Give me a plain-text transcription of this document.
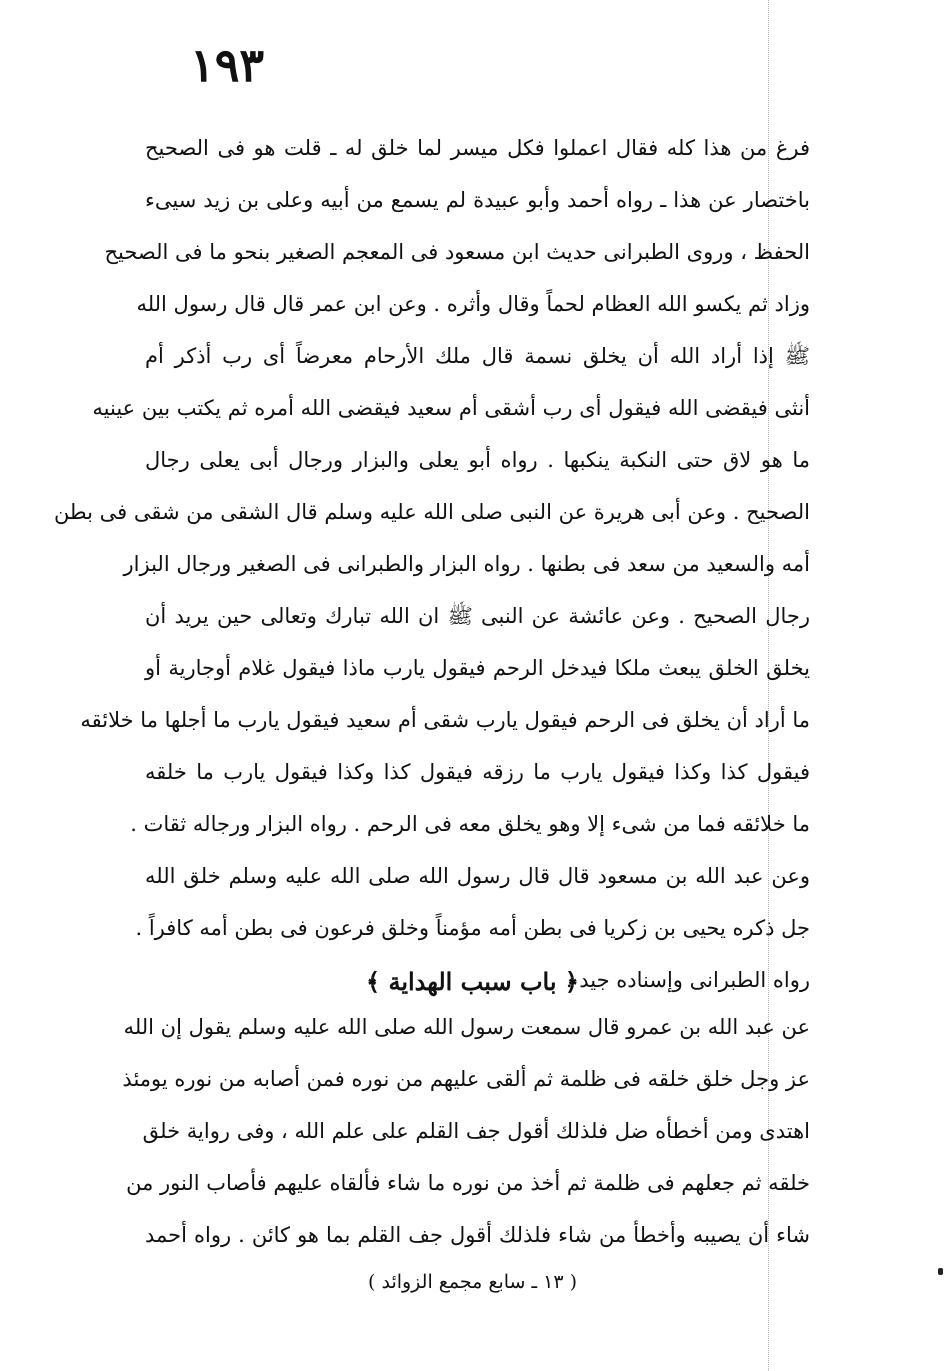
١٩٣
فرغ من هذا كله فقال اعملوا فكل ميسر لما خلق له ـ قلت هو فى الصحيح
باختصار عن هذا ـ رواه أحمد وأبو عبيدة لم يسمع من أبيه وعلى بن زيد سيىء
الحفظ ، وروى الطبرانى حديث ابن مسعود فى المعجم الصغير بنحو ما فى الصحيح
وزاد ثم يكسو الله العظام لحماً وقال وأثره . وعن ابن عمر قال قال رسول الله
ﷺ إذا أراد الله أن يخلق نسمة قال ملك الأرحام معرضاً أى رب أذكر أم
أنثى فيقضى الله فيقول أى رب أشقى أم سعيد فيقضى الله أمره ثم يكتب بين عينيه
ما هو لاق حتى النكبة ينكبها . رواه أبو يعلى والبزار ورجال أبى يعلى رجال
الصحيح . وعن أبى هريرة عن النبى صلى الله عليه وسلم قال الشقى من شقى فى بطن
أمه والسعيد من سعد فى بطنها . رواه البزار والطبرانى فى الصغير ورجال البزار
رجال الصحيح . وعن عائشة عن النبى ﷺ ان الله تبارك وتعالى حين يريد أن
يخلق الخلق يبعث ملكا فيدخل الرحم فيقول يارب ماذا فيقول غلام أوجارية أو
ما أراد أن يخلق فى الرحم فيقول يارب شقى أم سعيد فيقول يارب ما أجلها ما خلائقه
فيقول كذا وكذا فيقول يارب ما رزقه فيقول كذا وكذا فيقول يارب ما خلقه
ما خلائقه فما من شىء إلا وهو يخلق معه فى الرحم . رواه البزار ورجاله ثقات .
وعن عبد الله بن مسعود قال قال رسول الله صلى الله عليه وسلم خلق الله
جل ذكره يحيى بن زكريا فى بطن أمه مؤمناً وخلق فرعون فى بطن أمه كافراً .
رواه الطبرانى وإسناده جيد .
﴿ باب سبب الهداية ﴾
عن عبد الله بن عمرو قال سمعت رسول الله صلى الله عليه وسلم يقول إن الله
عز وجل خلق خلقه فى ظلمة ثم ألقى عليهم من نوره فمن أصابه من نوره يومئذ
اهتدى ومن أخطأه ضل فلذلك أقول جف القلم على علم الله ، وفى رواية خلق
خلقه ثم جعلهم فى ظلمة ثم أخذ من نوره ما شاء فألقاه عليهم فأصاب النور من
شاء أن يصيبه وأخطأ من شاء فلذلك أقول جف القلم بما هو كائن . رواه أحمد
( ١٣ ـ سابع مجمع الزوائد )
